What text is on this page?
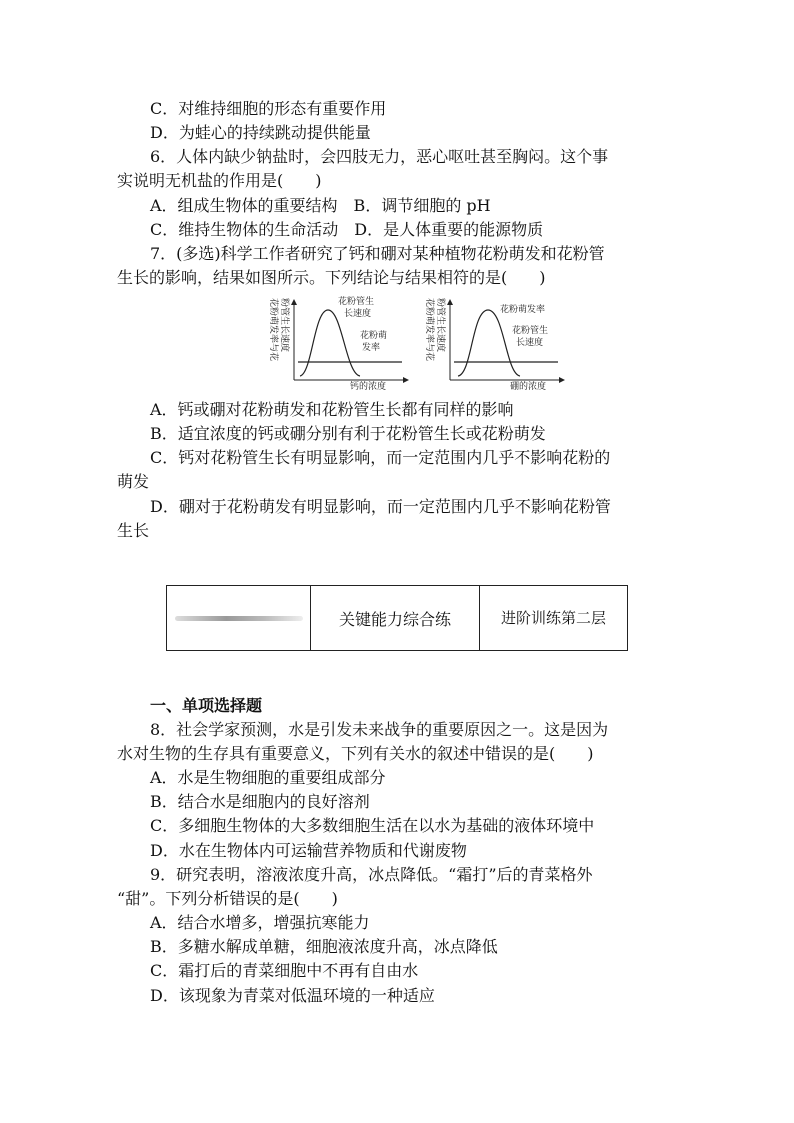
C．对维持细胞的形态有重要作用
D．为蛙心的持续跳动提供能量
6．人体内缺少钠盐时，会四肢无力，恶心呕吐甚至胸闷。这个事
实说明无机盐的作用是(　　)
A．组成生物体的重要结构　B．调节细胞的 pH
C．维持生物体的生命活动　D．是人体重要的能源物质
7．(多选)科学工作者研究了钙和硼对某种植物花粉萌发和花粉管
生长的影响，结果如图所示。下列结论与结果相符的是(　　)
花粉萌发率与花 粉管生长速度	花粉管生
长速度
花粉萌
发率
钙的浓度
花粉萌发率与花 粉管生长速度	花粉萌发率
花粉管生
长速度
硼的浓度
A．钙或硼对花粉萌发和花粉管生长都有同样的影响
B．适宜浓度的钙或硼分别有利于花粉管生长或花粉萌发
C．钙对花粉管生长有明显影响，而一定范围内几乎不影响花粉的
萌发
D．硼对于花粉萌发有明显影响，而一定范围内几乎不影响花粉管
生长
关键能力综合练	进阶训练第二层
一、单项选择题
8．社会学家预测，水是引发未来战争的重要原因之一。这是因为
水对生物的生存具有重要意义，下列有关水的叙述中错误的是(　　)
A．水是生物细胞的重要组成部分
B．结合水是细胞内的良好溶剂
C．多细胞生物体的大多数细胞生活在以水为基础的液体环境中
D．水在生物体内可运输营养物质和代谢废物
9．研究表明，溶液浓度升高，冰点降低。“霜打”后的青菜格外
“甜”。下列分析错误的是(　　)
A．结合水增多，增强抗寒能力
B．多糖水解成单糖，细胞液浓度升高，冰点降低
C．霜打后的青菜细胞中不再有自由水
D．该现象为青菜对低温环境的一种适应
